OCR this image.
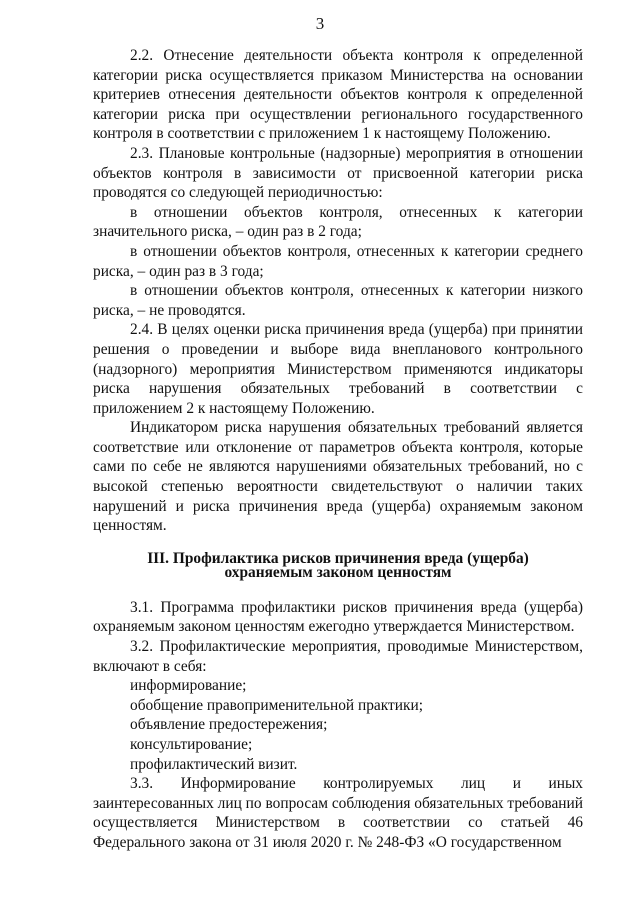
3

2.2. Отнесение деятельности объекта контроля к определенной категории риска осуществляется приказом Министерства на основании критериев отнесения деятельности объектов контроля к определенной категории риска при осуществлении регионального государственного контроля в соответствии с приложением 1 к настоящему Положению.

2.3. Плановые контрольные (надзорные) мероприятия в отношении объектов контроля в зависимости от присвоенной категории риска проводятся со следующей периодичностью:

в отношении объектов контроля, отнесенных к категории значительного риска, – один раз в 2 года;

в отношении объектов контроля, отнесенных к категории среднего риска, – один раз в 3 года;

в отношении объектов контроля, отнесенных к категории низкого риска, – не проводятся.

2.4. В целях оценки риска причинения вреда (ущерба) при принятии решения о проведении и выборе вида внепланового контрольного (надзорного) мероприятия Министерством применяются индикаторы риска нарушения обязательных требований в соответствии с приложением 2 к настоящему Положению.

Индикатором риска нарушения обязательных требований является соответствие или отклонение от параметров объекта контроля, которые сами по себе не являются нарушениями обязательных требований, но с высокой степенью вероятности свидетельствуют о наличии таких нарушений и риска причинения вреда (ущерба) охраняемым законом ценностям.

III. Профилактика рисков причинения вреда (ущерба)
охраняемым законом ценностям

3.1. Программа профилактики рисков причинения вреда (ущерба) охраняемым законом ценностям ежегодно утверждается Министерством.

3.2. Профилактические мероприятия, проводимые Министерством, включают в себя:

информирование;

обобщение правоприменительной практики;

объявление предостережения;

консультирование;

профилактический визит.

3.3. Информирование контролируемых лиц и иных заинтересованных лиц по вопросам соблюдения обязательных требований осуществляется Министерством в соответствии со статьей 46 Федерального закона от 31 июля 2020 г. № 248-ФЗ «О государственном
